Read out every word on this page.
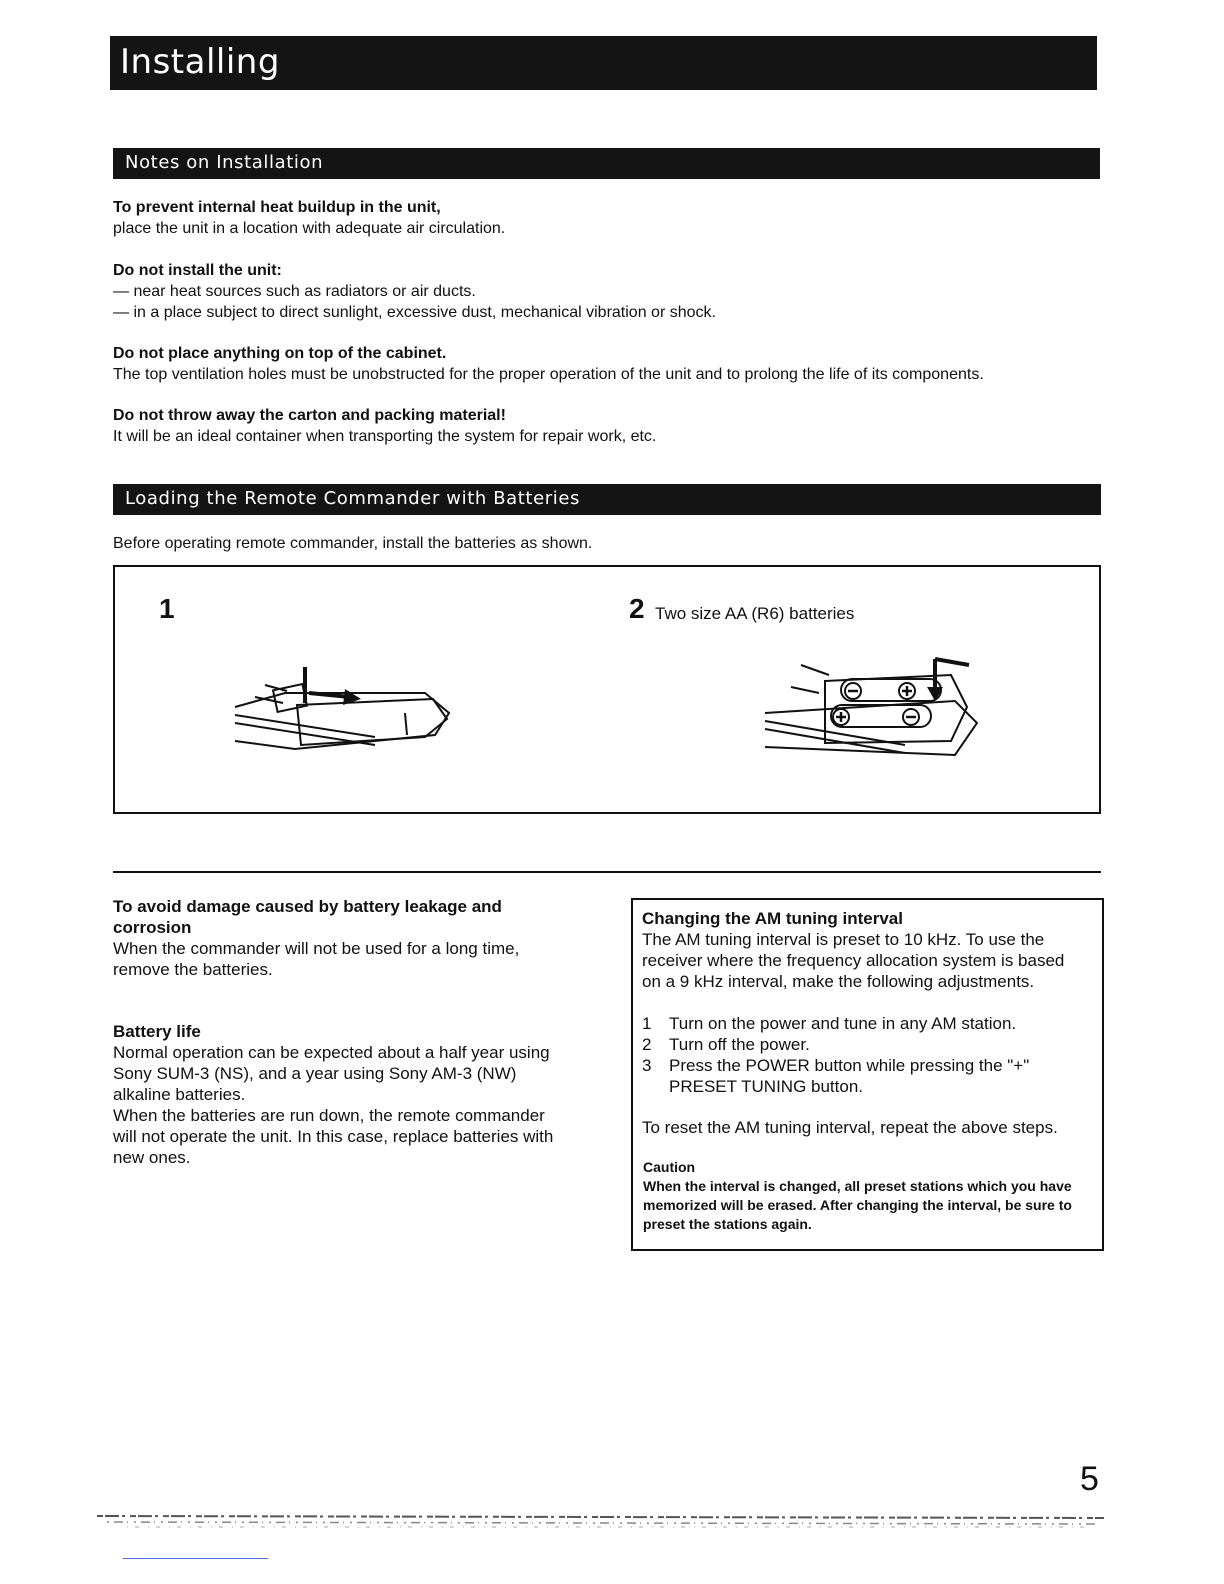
Installing
Notes on Installation

To prevent internal heat buildup in the unit,

place the unit in a location with adequate air circulation.

Do not install the unit:

— near heat sources such as radiators or air ducts.

— in a place subject to direct sunlight, excessive dust, mechanical vibration or shock.

Do not place anything on top of the cabinet.

The top ventilation holes must be unobstructed for the proper operation of the unit and to prolong the life of its components.

Do not throw away the carton and packing material!

It will be an ideal container when transporting the system for repair work, etc.

Loading the Remote Commander with Batteries
Before operating remote commander, install the batteries as shown.
1	2 Two size AA (R6) batteries

To avoid damage caused by battery leakage and

corrosion

When the commander will not be used for a long time,

remove the batteries.

Battery life

Normal operation can be expected about a half year using

Sony SUM-3 (NS), and a year using Sony AM-3 (NW)

alkaline batteries.

When the batteries are run down, the remote commander

will not operate the unit. In this case, replace batteries with

new ones.

Changing the AM tuning interval

The AM tuning interval is preset to 10 kHz. To use the

receiver where the frequency allocation system is based

on a 9 kHz interval, make the following adjustments.

1	Turn on the power and tune in any AM station.
2	Turn off the power.
3	Press the POWER button while pressing the "+"
PRESET TUNING button.
To reset the AM tuning interval, repeat the above steps.
Caution
When the interval is changed, all preset stations which you have
memorized will be erased. After changing the interval, be sure to
preset the stations again.
5
